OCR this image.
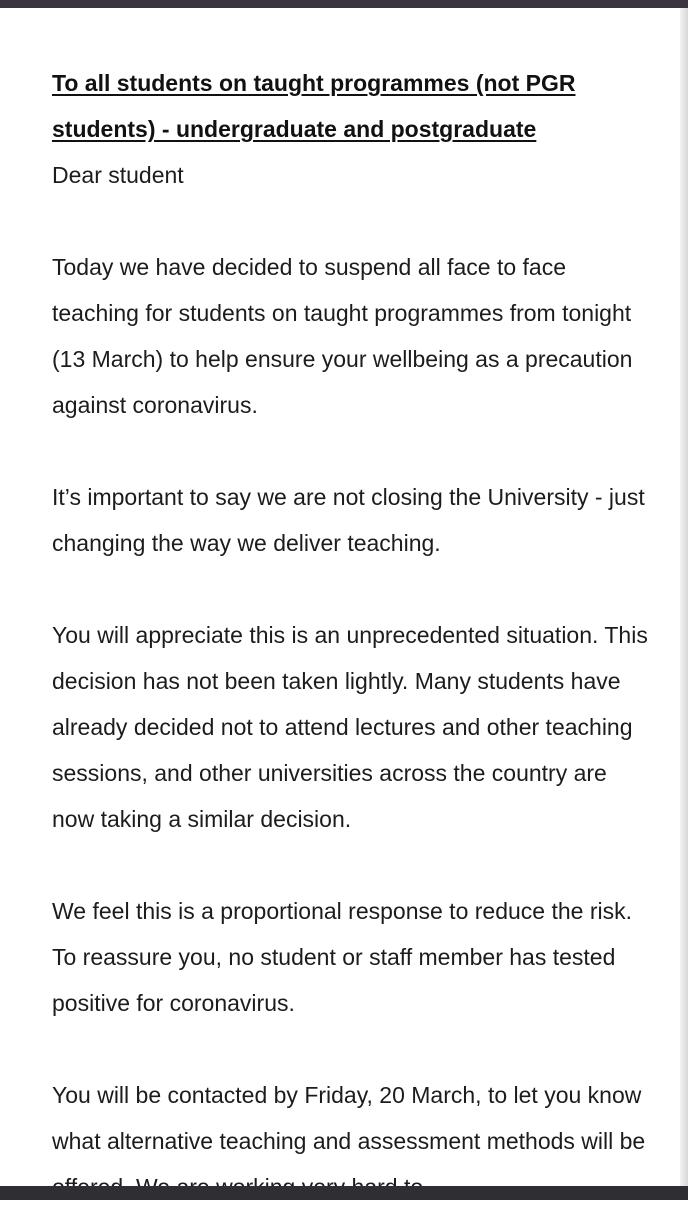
To all students on taught programmes (not PGR students) - undergraduate and postgraduate

Dear student

Today we have decided to suspend all face to face teaching for students on taught programmes from tonight (13 March) to help ensure your wellbeing as a precaution against coronavirus.

It’s important to say we are not closing the University - just changing the way we deliver teaching.

You will appreciate this is an unprecedented situation. This decision has not been taken lightly. Many students have already decided not to attend lectures and other teaching sessions, and other universities across the country are now taking a similar decision.

We feel this is a proportional response to reduce the risk. To reassure you, no student or staff member has tested positive for coronavirus.

You will be contacted by Friday, 20 March, to let you know what alternative teaching and assessment methods will be
